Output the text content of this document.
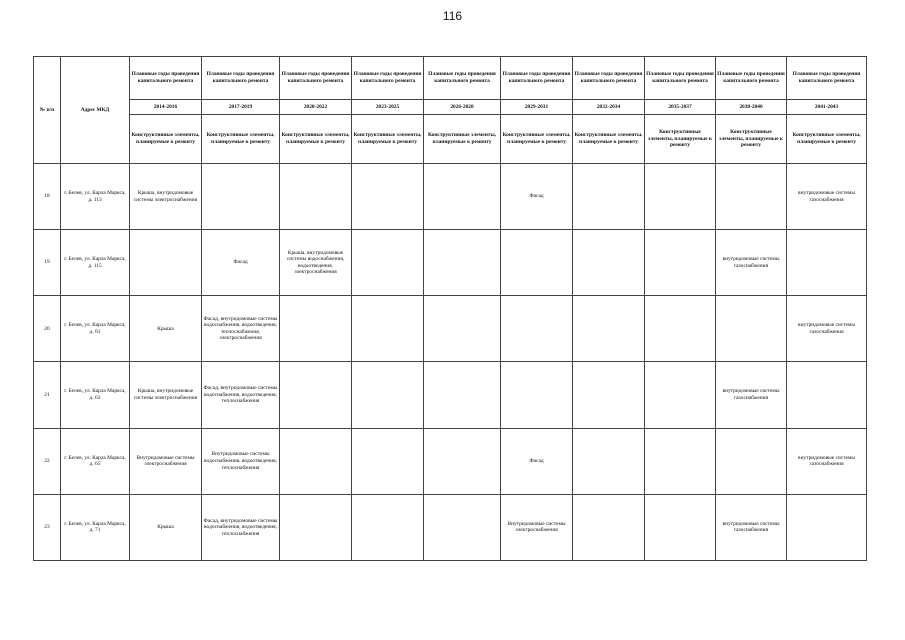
116
№ п/п	Адрес МКД	Плановые годы проведения капитального ремонта	Плановые годы проведения капитального ремонта	Плановые годы проведения капитального ремонта	Плановые годы проведения капитального ремонта	Плановые годы проведения капитального ремонта	Плановые годы проведения капитального ремонта	Плановые годы проведения капитального ремонта	Плановые годы проведения капитального ремонта	Плановые годы проведения капитального ремонта	Плановые годы проведения капитального ремонта
		2014-2016	2017-2019	2020-2022	2023-2025	2026-2028	2029-2031	2032-2034	2035-2037	2038-2040	2041-2043
		Конструктивные элементы, планируемые к ремонту	Конструктивные элементы, планируемые к ремонту	Конструктивные элементы, планируемые к ремонту	Конструктивные элементы, планируемые к ремонту	Конструктивные элементы, планируемые к ремонту	Конструктивные элементы, планируемые к ремонту	Конструктивные элементы, планируемые к ремонту	Конструктивные элементы, планируемые к ремонту	Конструктивные элементы, планируемые к ремонту	Конструктивные элементы, планируемые к ремонту
18	г. Белев, ул. Карла Маркса, д. 113	Крыша, внутридомовые системы электроснабжения					Фасад				внутридомовые системы газоснабжения
19	г. Белев, ул. Карла Маркса, д. 115		Фасад	Крыша, внутридомовые системы водоснабжения, водоотведения, электроснабжения						внутридомовые системы газоснабжения	
20	г. Белев, ул. Карла Маркса, д. 61	Крыша	Фасад, внутридомовые системы водоснабжения, водоотведения, теплоснабжения, электроснабжения								внутридомовые системы газоснабжения
21	г. Белев, ул. Карла Маркса, д. 63	Крыша, внутридомовые системы электроснабжения	Фасад, внутридомовые системы водоснабжения, водоотведения, теплоснабжения							внутридомовые системы газоснабжения	
22	г. Белев, ул. Карла Маркса, д. 65	Внутридомовые системы электроснабжения	Внутридомовые системы водоснабжения, водоотведения, теплоснабжения				Фасад				внутридомовые системы газоснабжения
23	г. Белев, ул. Карла Маркса, д. 71	Крыша	Фасад, внутридомовые системы водоснабжения, водоотведения, теплоснабжения				Внутридомовые системы электроснабжения			внутридомовые системы газоснабжения	
